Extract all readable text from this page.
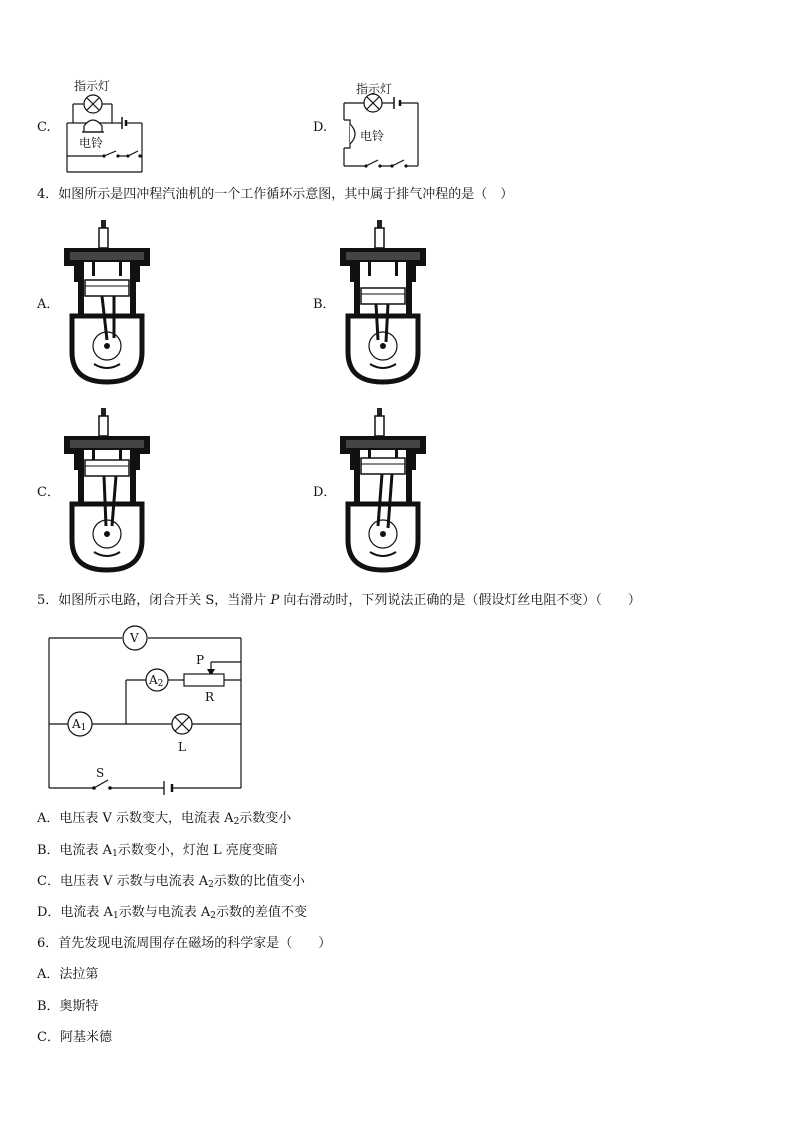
C.
指示灯
电铃
D.
指示灯
电铃
4．如图所示是四冲程汽油机的一个工作循环示意图，其中属于排气冲程的是（　）
A．	B．
C．	D．
5．如图所示电路，闭合开关 S，当滑片 P 向右滑动时，下列说法正确的是（假设灯丝电阻不变）（　　）
V
$A_2$
$A_1$
P
R
L
S
A．电压表 V 示数变大，电流表 $A_2$示数变小
B．电流表 $A_1$示数变小，灯泡 L 亮度变暗
C．电压表 V 示数与电流表 $A_2$示数的比值变小
D．电流表 $A_1$示数与电流表 $A_2$示数的差值不变
6．首先发现电流周围存在磁场的科学家是（　　）
A．法拉第
B．奥斯特
C．阿基米德
